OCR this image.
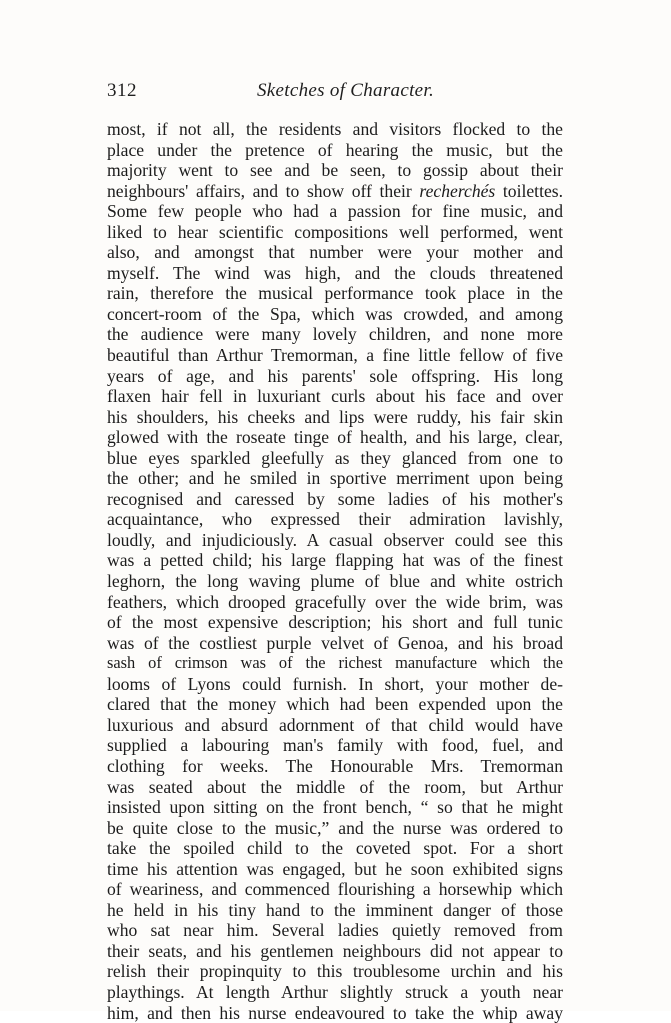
312	Sketches of Character.
most, if not all, the residents and visitors flocked to the
place under the pretence of hearing the music, but the
majority went to see and be seen, to gossip about their
neighbours' affairs, and to show off their recherchés toilettes.
Some few people who had a passion for fine music, and
liked to hear scientific compositions well performed, went
also, and amongst that number were your mother and
myself. The wind was high, and the clouds threatened
rain, therefore the musical performance took place in the
concert-room of the Spa, which was crowded, and among
the audience were many lovely children, and none more
beautiful than Arthur Tremorman, a fine little fellow of five
years of age, and his parents' sole offspring. His long
flaxen hair fell in luxuriant curls about his face and over
his shoulders, his cheeks and lips were ruddy, his fair skin
glowed with the roseate tinge of health, and his large, clear,
blue eyes sparkled gleefully as they glanced from one to
the other; and he smiled in sportive merriment upon being
recognised and caressed by some ladies of his mother's
acquaintance, who expressed their admiration lavishly,
loudly, and injudiciously. A casual observer could see this
was a petted child; his large flapping hat was of the finest
leghorn, the long waving plume of blue and white ostrich
feathers, which drooped gracefully over the wide brim, was
of the most expensive description; his short and full tunic
was of the costliest purple velvet of Genoa, and his broad
sash of crimson was of the richest manufacture which the
looms of Lyons could furnish. In short, your mother de-
clared that the money which had been expended upon the
luxurious and absurd adornment of that child would have
supplied a labouring man's family with food, fuel, and
clothing for weeks. The Honourable Mrs. Tremorman
was seated about the middle of the room, but Arthur
insisted upon sitting on the front bench, “ so that he might
be quite close to the music,” and the nurse was ordered to
take the spoiled child to the coveted spot. For a short
time his attention was engaged, but he soon exhibited signs
of weariness, and commenced flourishing a horsewhip which
he held in his tiny hand to the imminent danger of those
who sat near him. Several ladies quietly removed from
their seats, and his gentlemen neighbours did not appear to
relish their propinquity to this troublesome urchin and his
playthings. At length Arthur slightly struck a youth near
him, and then his nurse endeavoured to take the whip away
